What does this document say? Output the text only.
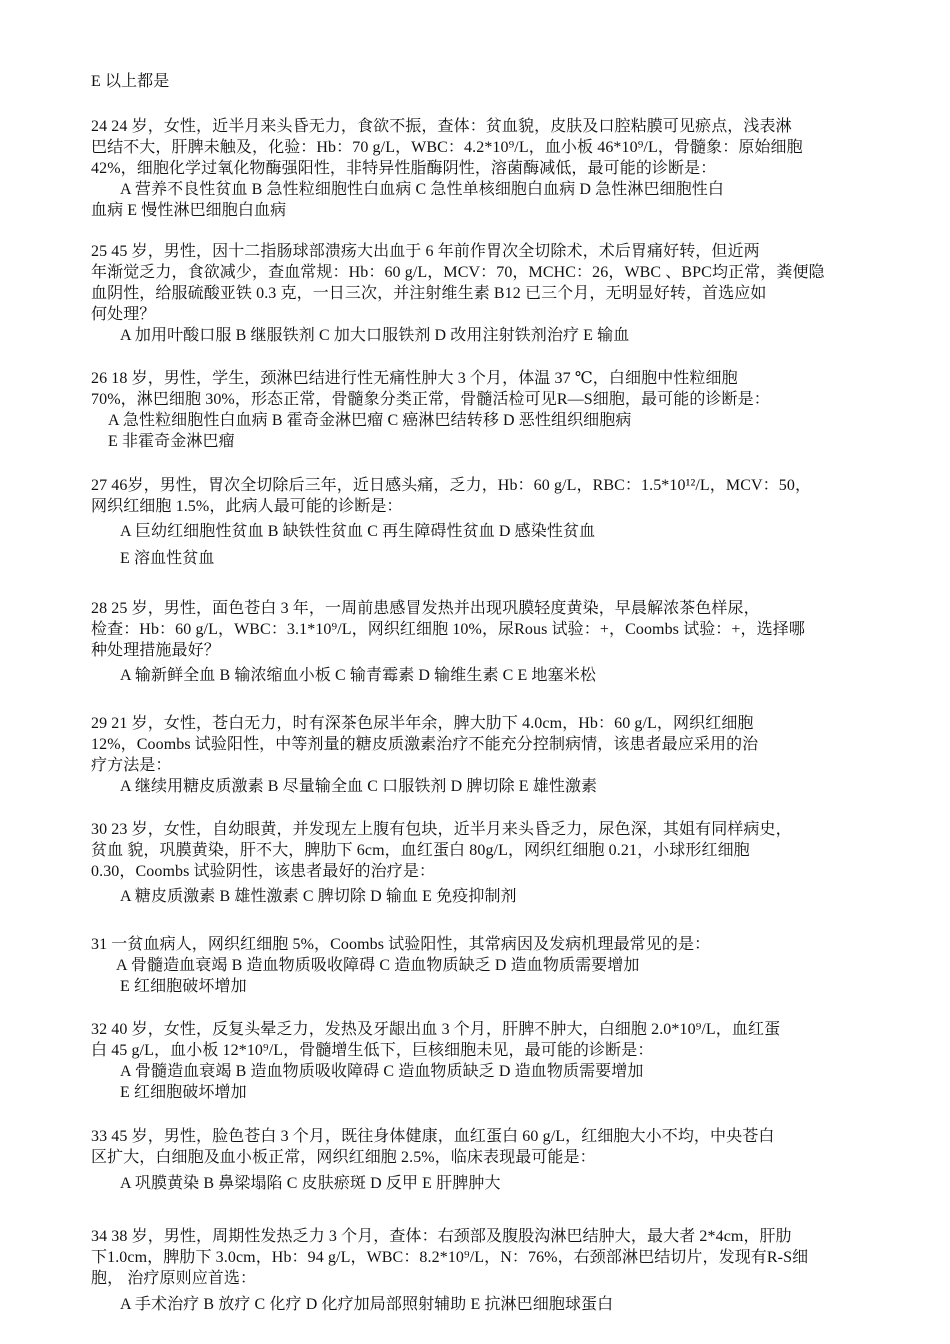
E 以上都是
24 24 岁，女性，近半月来头昏无力，食欲不振，查体：贫血貌，皮肤及口腔粘膜可见瘀点，浅表淋
巴结不大，肝脾未触及，化验：Hb：70 g/L，WBC：4.2*10⁹/L，血小板 46*10⁹/L，骨髓象：原始细胞
42%，细胞化学过氧化物酶强阳性，非特异性脂酶阴性，溶菌酶减低，最可能的诊断是：
A 营养不良性贫血 B 急性粒细胞性白血病 C 急性单核细胞白血病 D 急性淋巴细胞性白
血病 E 慢性淋巴细胞白血病
25 45 岁，男性，因十二指肠球部溃疡大出血于 6 年前作胃次全切除术，术后胃痛好转，但近两
年渐觉乏力，食欲减少，查血常规：Hb：60 g/L，MCV：70，MCHC：26，WBC 、BPC均正常，粪便隐
血阴性，给服硫酸亚铁 0.3 克，一日三次，并注射维生素 B12 已三个月，无明显好转，首选应如
何处理？
A 加用叶酸口服 B 继服铁剂 C 加大口服铁剂 D 改用注射铁剂治疗 E 输血
26 18 岁，男性，学生，颈淋巴结进行性无痛性肿大 3 个月，体温 37 ℃，白细胞中性粒细胞
70%，淋巴细胞 30%，形态正常，骨髓象分类正常，骨髓活检可见R—S细胞，最可能的诊断是：
A 急性粒细胞性白血病 B 霍奇金淋巴瘤 C 癌淋巴结转移 D 恶性组织细胞病
E 非霍奇金淋巴瘤
27 46岁，男性，胃次全切除后三年，近日感头痛，乏力，Hb：60 g/L，RBC：1.5*10¹²/L，MCV：50，
网织红细胞 1.5%，此病人最可能的诊断是：
A 巨幼红细胞性贫血 B 缺铁性贫血 C 再生障碍性贫血 D 感染性贫血
E 溶血性贫血
28 25 岁，男性，面色苍白 3 年，一周前患感冒发热并出现巩膜轻度黄染，早晨解浓茶色样尿，
检查：Hb：60 g/L，WBC：3.1*10⁹/L，网织红细胞 10%，尿Rous 试验：+，Coombs 试验：+，选择哪
种处理措施最好？
A 输新鲜全血 B 输浓缩血小板 C 输青霉素 D 输维生素 C E 地塞米松
29 21 岁，女性，苍白无力，时有深茶色尿半年余，脾大肋下 4.0cm，Hb：60 g/L，网织红细胞
12%，Coombs 试验阳性，中等剂量的糖皮质激素治疗不能充分控制病情，该患者最应采用的治
疗方法是：
A 继续用糖皮质激素 B 尽量输全血 C 口服铁剂 D 脾切除 E 雄性激素
30 23 岁，女性，自幼眼黄，并发现左上腹有包块，近半月来头昏乏力，尿色深，其姐有同样病史，
贫血 貌，巩膜黄染，肝不大，脾肋下 6cm，血红蛋白 80g/L，网织红细胞 0.21，小球形红细胞
0.30，Coombs 试验阴性，该患者最好的治疗是：
A 糖皮质激素 B 雄性激素 C 脾切除 D 输血 E 免疫抑制剂
31 一贫血病人，网织红细胞 5%，Coombs 试验阳性，其常病因及发病机理最常见的是：
A 骨髓造血衰竭 B 造血物质吸收障碍 C 造血物质缺乏 D 造血物质需要增加
E 红细胞破坏增加
32 40 岁，女性，反复头晕乏力，发热及牙龈出血 3 个月，肝脾不肿大，白细胞 2.0*10⁹/L，血红蛋
白 45 g/L，血小板 12*10⁹/L，骨髓增生低下，巨核细胞未见，最可能的诊断是：
A 骨髓造血衰竭 B 造血物质吸收障碍 C 造血物质缺乏 D 造血物质需要增加
E 红细胞破坏增加
33 45 岁，男性，脸色苍白 3 个月，既往身体健康，血红蛋白 60 g/L，红细胞大小不均，中央苍白
区扩大，白细胞及血小板正常，网织红细胞 2.5%，临床表现最可能是：
A 巩膜黄染 B 鼻梁塌陷 C 皮肤瘀斑 D 反甲 E 肝脾肿大
34 38 岁，男性，周期性发热乏力 3 个月，查体：右颈部及腹股沟淋巴结肿大，最大者 2*4cm，肝肋
下1.0cm，脾肋下 3.0cm，Hb：94 g/L，WBC：8.2*10⁹/L，N：76%，右颈部淋巴结切片，发现有R-S细
胞， 治疗原则应首选：
A 手术治疗 B 放疗 C 化疗 D 化疗加局部照射辅助 E 抗淋巴细胞球蛋白
